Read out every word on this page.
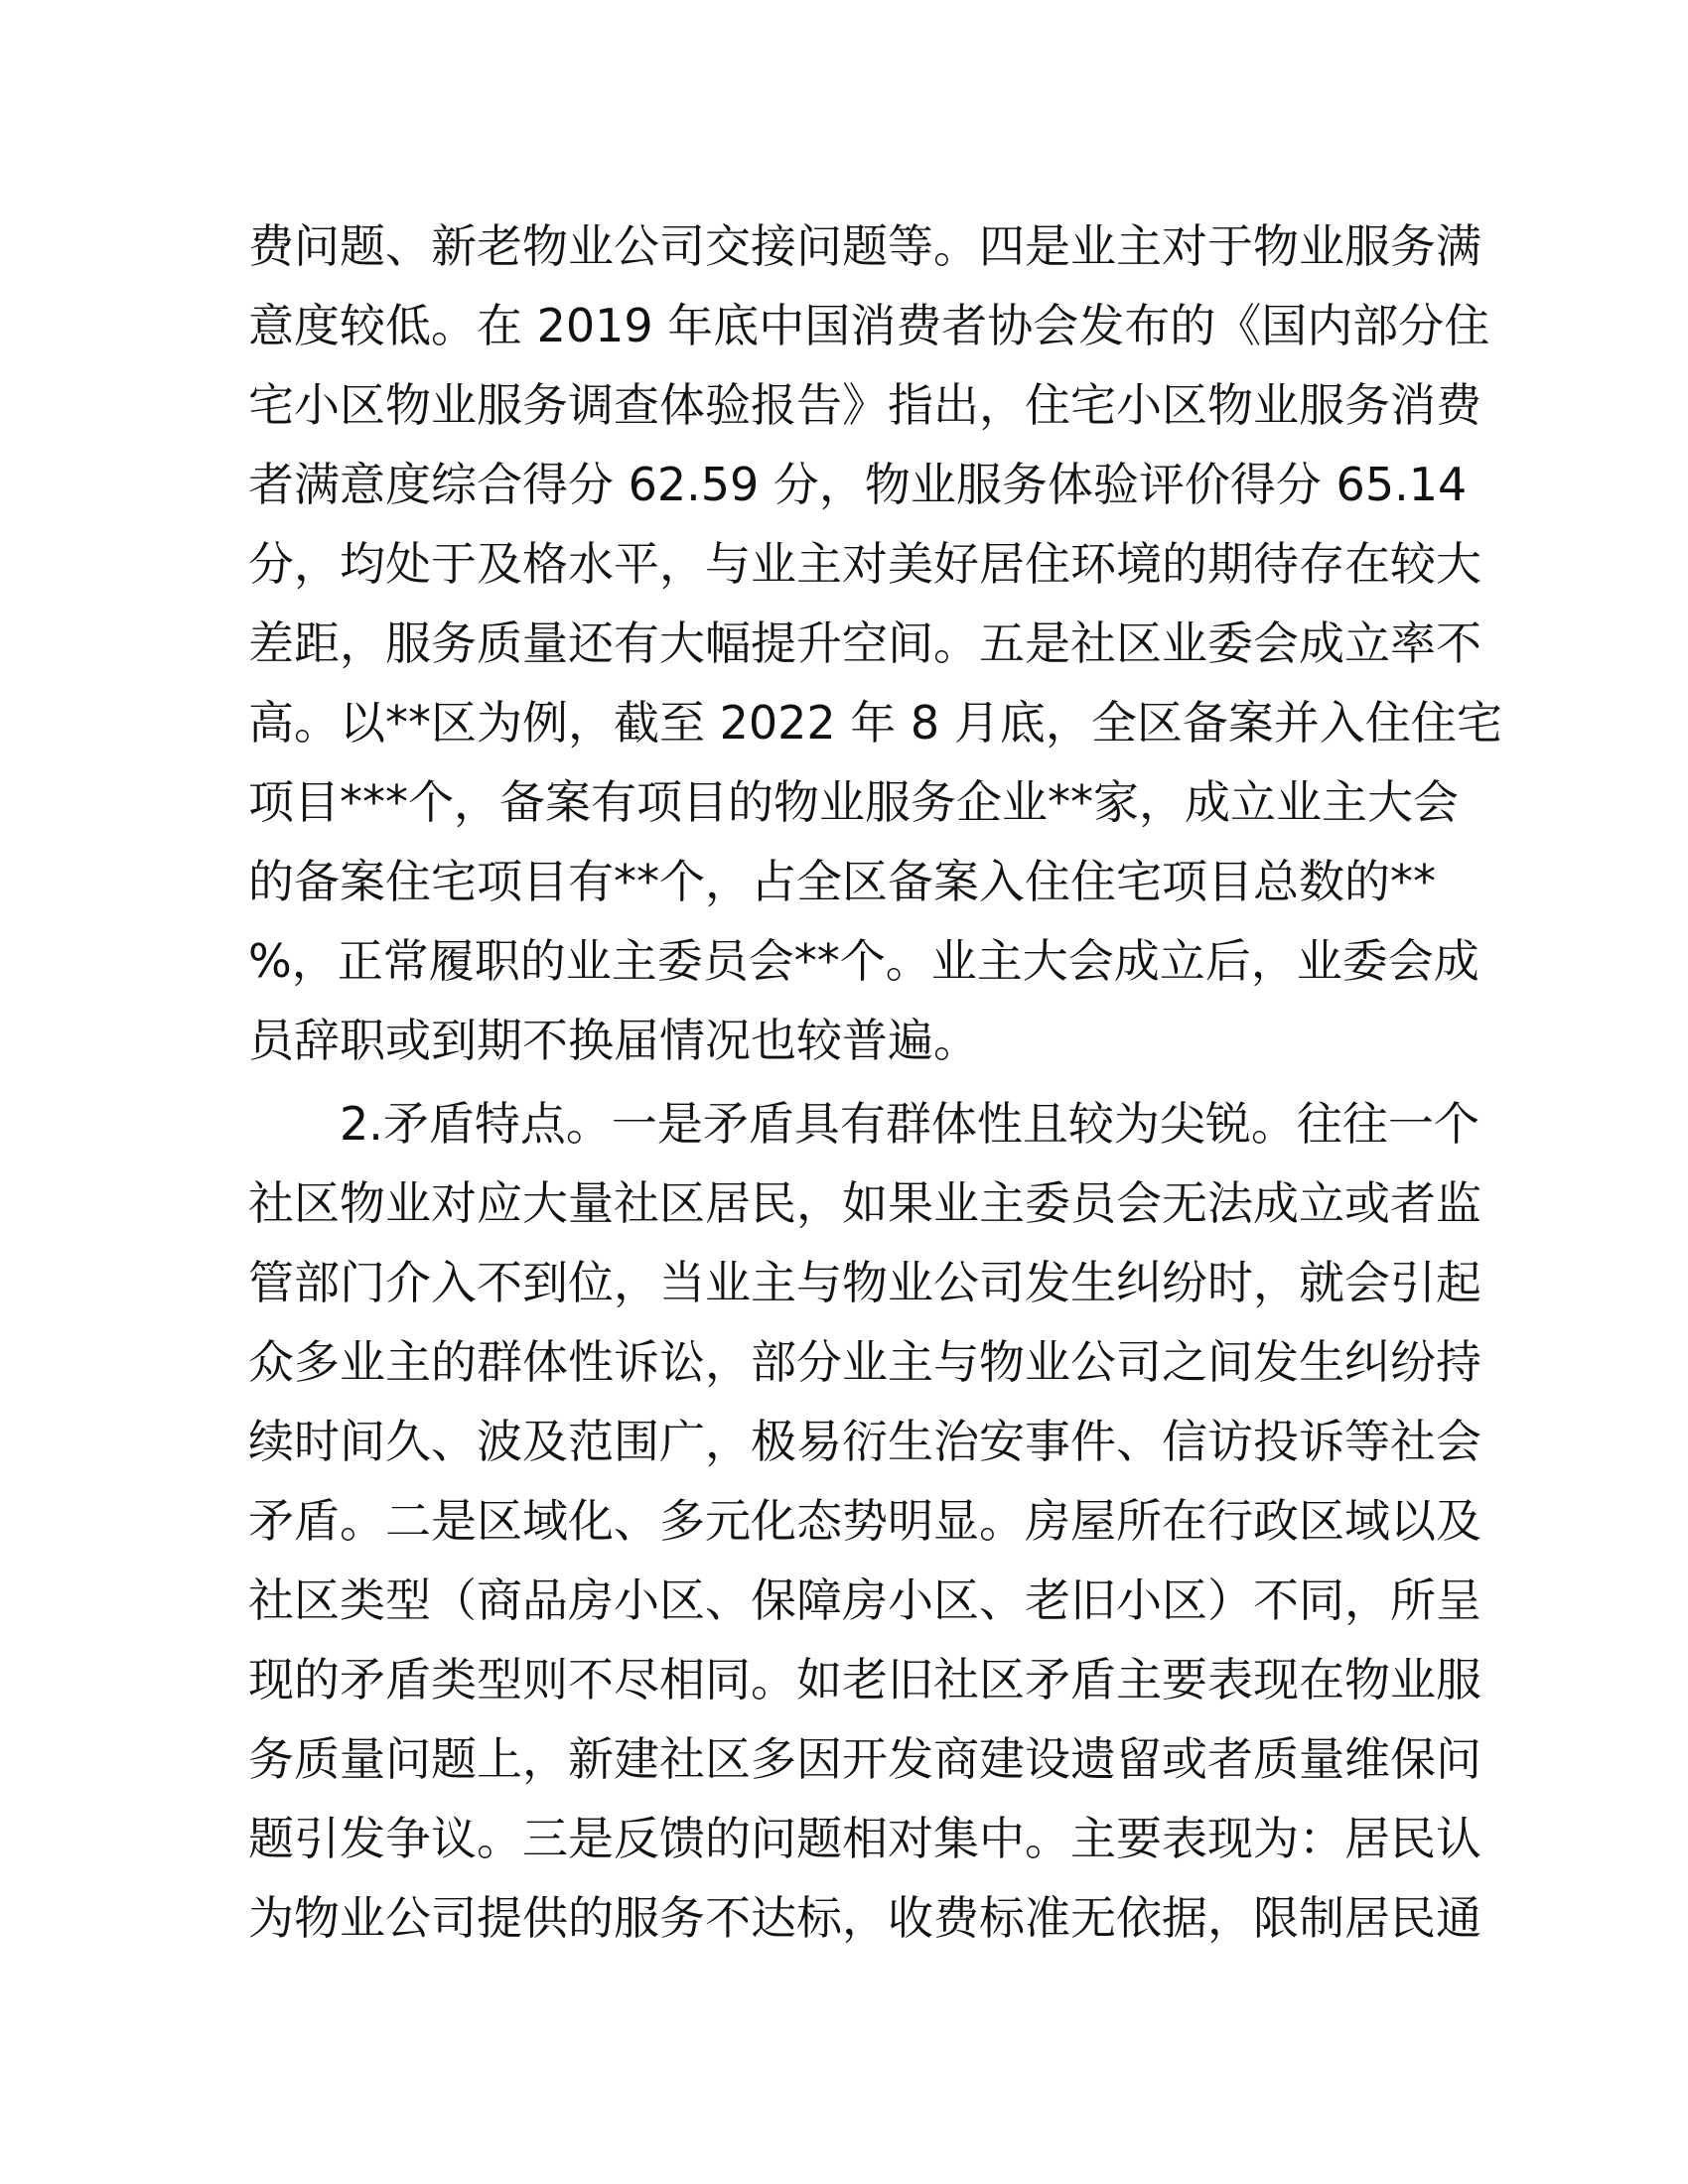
费问题、新老物业公司交接问题等。四是业主对于物业服务满
意度较低。在 2019 年底中国消费者协会发布的《国内部分住
宅小区物业服务调查体验报告》指出，住宅小区物业服务消费
者满意度综合得分 62.59 分，物业服务体验评价得分 65.14
分，均处于及格水平，与业主对美好居住环境的期待存在较大
差距，服务质量还有大幅提升空间。五是社区业委会成立率不
高。以**区为例，截至 2022 年 8 月底，全区备案并入住住宅
项目***个，备案有项目的物业服务企业**家，成立业主大会
的备案住宅项目有**个，占全区备案入住住宅项目总数的**
%，正常履职的业主委员会**个。业主大会成立后，业委会成
员辞职或到期不换届情况也较普遍。
2.矛盾特点。一是矛盾具有群体性且较为尖锐。往往一个
社区物业对应大量社区居民，如果业主委员会无法成立或者监
管部门介入不到位，当业主与物业公司发生纠纷时，就会引起
众多业主的群体性诉讼，部分业主与物业公司之间发生纠纷持
续时间久、波及范围广，极易衍生治安事件、信访投诉等社会
矛盾。二是区域化、多元化态势明显。房屋所在行政区域以及
社区类型（商品房小区、保障房小区、老旧小区）不同，所呈
现的矛盾类型则不尽相同。如老旧社区矛盾主要表现在物业服
务质量问题上，新建社区多因开发商建设遗留或者质量维保问
题引发争议。三是反馈的问题相对集中。主要表现为：居民认
为物业公司提供的服务不达标，收费标准无依据，限制居民通
